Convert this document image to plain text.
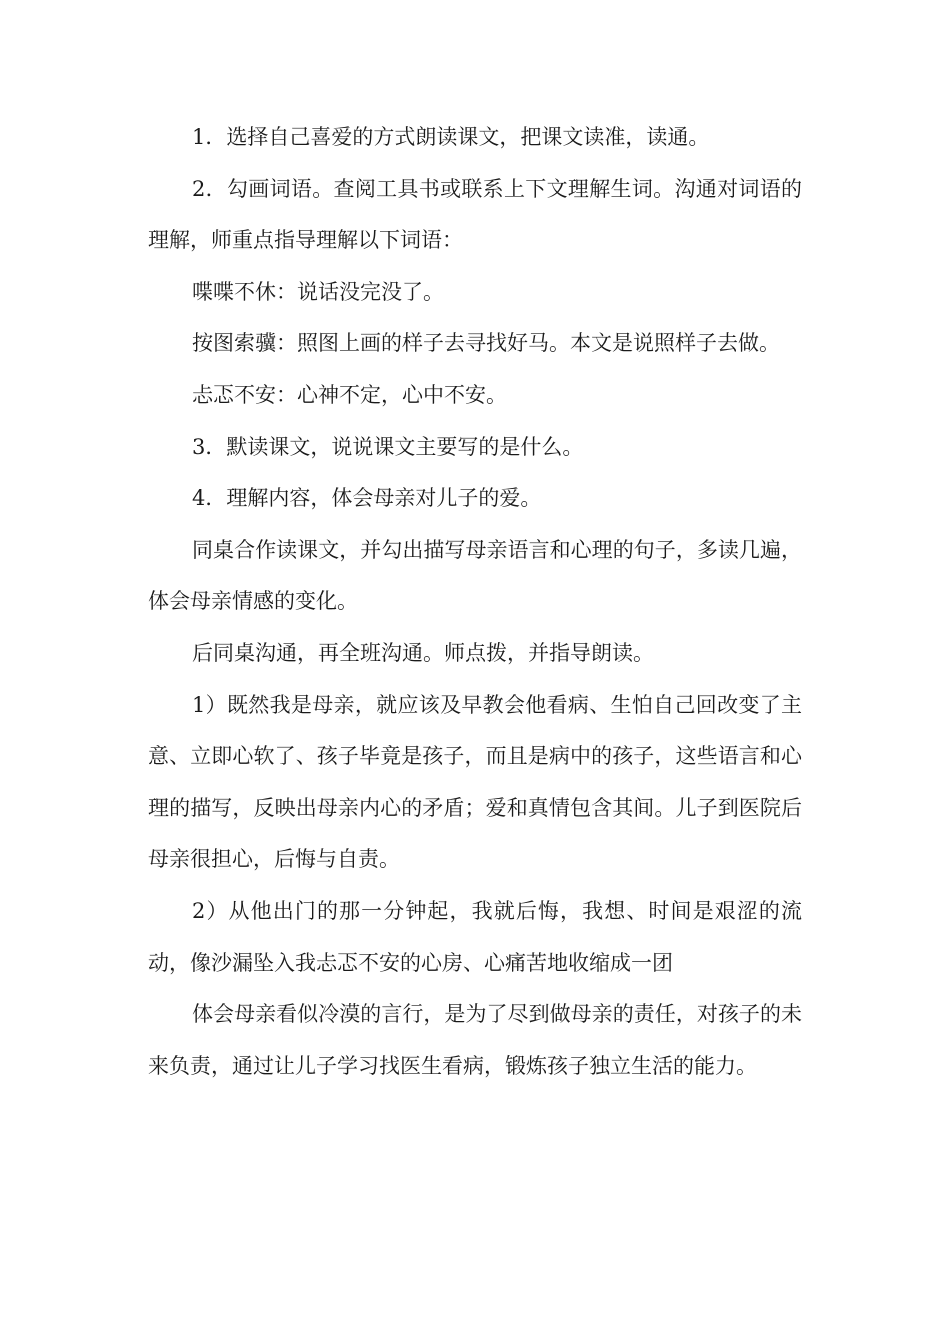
1．选择自己喜爱的方式朗读课文，把课文读准，读通。

2．勾画词语。查阅工具书或联系上下文理解生词。沟通对词语的理解，师重点指导理解以下词语：

喋喋不休：说话没完没了。

按图索骥：照图上画的样子去寻找好马。本文是说照样子去做。

忐忑不安：心神不定，心中不安。

3．默读课文，说说课文主要写的是什么。

4．理解内容，体会母亲对儿子的爱。

同桌合作读课文，并勾出描写母亲语言和心理的句子，多读几遍，体会母亲情感的变化。

后同桌沟通，再全班沟通。师点拨，并指导朗读。

1）既然我是母亲，就应该及早教会他看病、生怕自己回改变了主意、立即心软了、孩子毕竟是孩子，而且是病中的孩子，这些语言和心理的描写，反映出母亲内心的矛盾；爱和真情包含其间。儿子到医院后母亲很担心，后悔与自责。

2）从他出门的那一分钟起，我就后悔，我想、时间是艰涩的流动，像沙漏坠入我忐忑不安的心房、心痛苦地收缩成一团

体会母亲看似冷漠的言行，是为了尽到做母亲的责任，对孩子的未来负责，通过让儿子学习找医生看病，锻炼孩子独立生活的能力。
